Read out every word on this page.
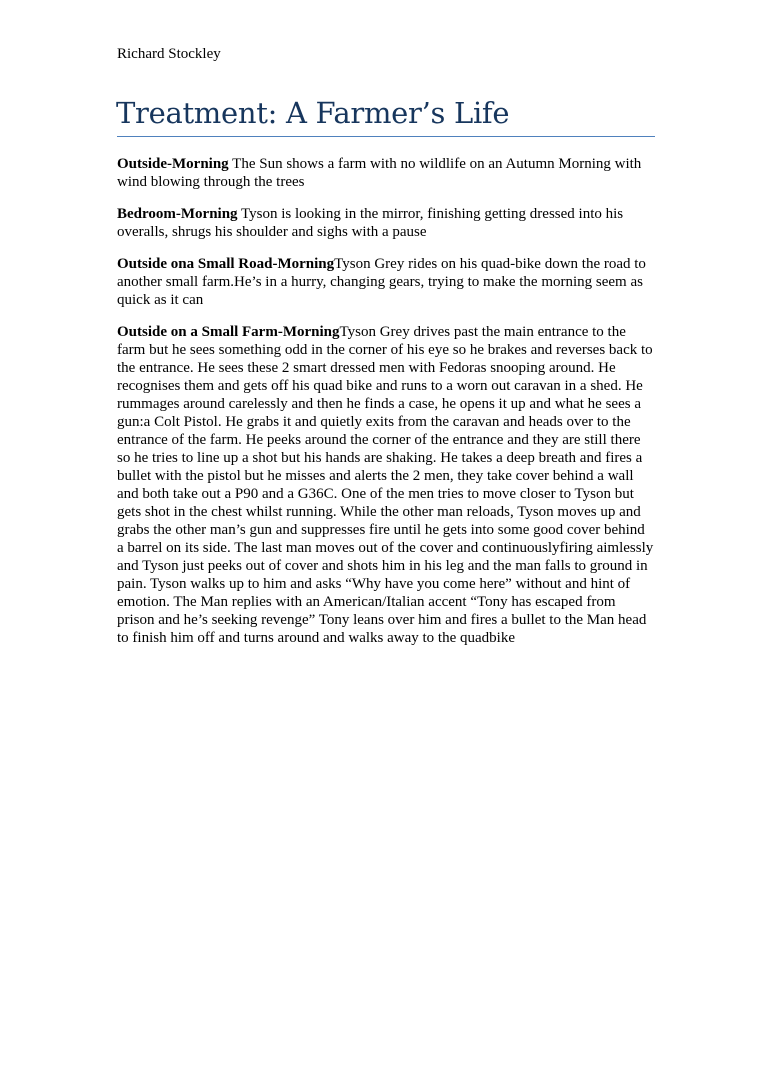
Richard Stockley
Treatment: A Farmer’s Life

Outside-Morning The Sun shows a farm with no wildlife on an Autumn Morning with wind blowing through the trees

Bedroom-Morning Tyson is looking in the mirror, finishing getting dressed into his overalls, shrugs his shoulder and sighs with a pause

Outside ona Small Road-MorningTyson Grey rides on his quad-bike down the road to another small farm.He’s in a hurry, changing gears, trying to make the morning seem as quick as it can

Outside on a Small Farm-MorningTyson Grey drives past the main entrance to the farm but he sees something odd in the corner of his eye so he brakes and reverses back to the entrance. He sees these 2 smart dressed men with Fedoras snooping around. He recognises them and gets off his quad bike and runs to a worn out caravan in a shed. He rummages around carelessly and then he finds a case, he opens it up and what he sees a gun:a Colt Pistol. He grabs it and quietly exits from the caravan and heads over to the entrance of the farm. He peeks around the corner of the entrance and they are still there so he tries to line up a shot but his hands are shaking. He takes a deep breath and fires a bullet with the pistol but he misses and alerts the 2 men, they take cover behind a wall and both take out a P90 and a G36C. One of the men tries to move closer to Tyson but gets shot in the chest whilst running. While the other man reloads, Tyson moves up and grabs the other man’s gun and suppresses fire until he gets into some good cover behind a barrel on its side. The last man moves out of the cover and continuouslyfiring aimlessly and Tyson just peeks out of cover and shots him in his leg and the man falls to ground in pain. Tyson walks up to him and asks “Why have you come here” without and hint of emotion. The Man replies with an American/Italian accent “Tony has escaped from prison and he’s seeking revenge” Tony leans over him and fires a bullet to the Man head to finish him off and turns around and walks away to the quadbike
